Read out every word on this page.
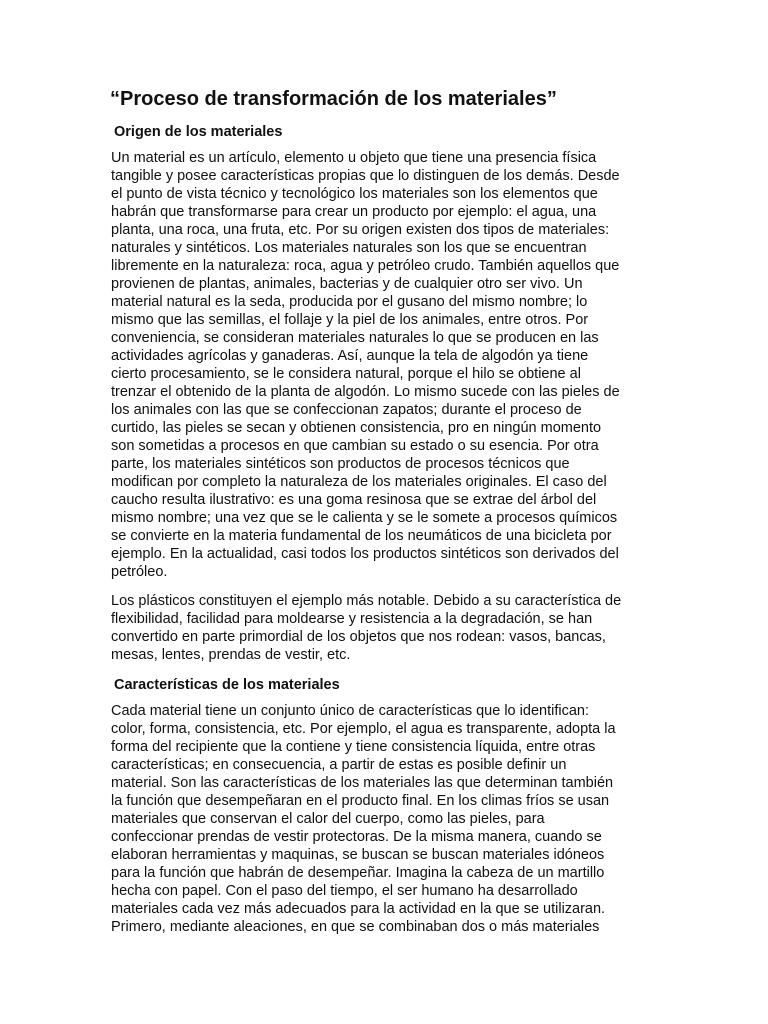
“Proceso de transformación de los materiales”
Origen de los materiales
Un material es un artículo, elemento u objeto que tiene una presencia física
tangible y posee características propias que lo distinguen de los demás. Desde
el punto de vista técnico y tecnológico los materiales son los elementos que
habrán que transformarse para crear un producto por ejemplo: el agua, una
planta, una roca, una fruta, etc. Por su origen existen dos tipos de materiales:
naturales y sintéticos. Los materiales naturales son los que se encuentran
libremente en la naturaleza: roca, agua y petróleo crudo. También aquellos que
provienen de plantas, animales, bacterias y de cualquier otro ser vivo. Un
material natural es la seda, producida por el gusano del mismo nombre; lo
mismo que las semillas, el follaje y la piel de los animales, entre otros. Por
conveniencia, se consideran materiales naturales lo que se producen en las
actividades agrícolas y ganaderas. Así, aunque la tela de algodón ya tiene
cierto procesamiento, se le considera natural, porque el hilo se obtiene al
trenzar el obtenido de la planta de algodón. Lo mismo sucede con las pieles de
los animales con las que se confeccionan zapatos; durante el proceso de
curtido, las pieles se secan y obtienen consistencia, pro en ningún momento
son sometidas a procesos en que cambian su estado o su esencia. Por otra
parte, los materiales sintéticos son productos de procesos técnicos que
modifican por completo la naturaleza de los materiales originales. El caso del
caucho resulta ilustrativo: es una goma resinosa que se extrae del árbol del
mismo nombre; una vez que se le calienta y se le somete a procesos químicos
se convierte en la materia fundamental de los neumáticos de una bicicleta por
ejemplo. En la actualidad, casi todos los productos sintéticos son derivados del
petróleo.
Los plásticos constituyen el ejemplo más notable. Debido a su característica de
flexibilidad, facilidad para moldearse y resistencia a la degradación, se han
convertido en parte primordial de los objetos que nos rodean: vasos, bancas,
mesas, lentes, prendas de vestir, etc.
Características de los materiales
Cada material tiene un conjunto único de características que lo identifican:
color, forma, consistencia, etc. Por ejemplo, el agua es transparente, adopta la
forma del recipiente que la contiene y tiene consistencia líquida, entre otras
características; en consecuencia, a partir de estas es posible definir un
material. Son las características de los materiales las que determinan también
la función que desempeñaran en el producto final. En los climas fríos se usan
materiales que conservan el calor del cuerpo, como las pieles, para
confeccionar prendas de vestir protectoras. De la misma manera, cuando se
elaboran herramientas y maquinas, se buscan se buscan materiales idóneos
para la función que habrán de desempeñar. Imagina la cabeza de un martillo
hecha con papel. Con el paso del tiempo, el ser humano ha desarrollado
materiales cada vez más adecuados para la actividad en la que se utilizaran.
Primero, mediante aleaciones, en que se combinaban dos o más materiales
